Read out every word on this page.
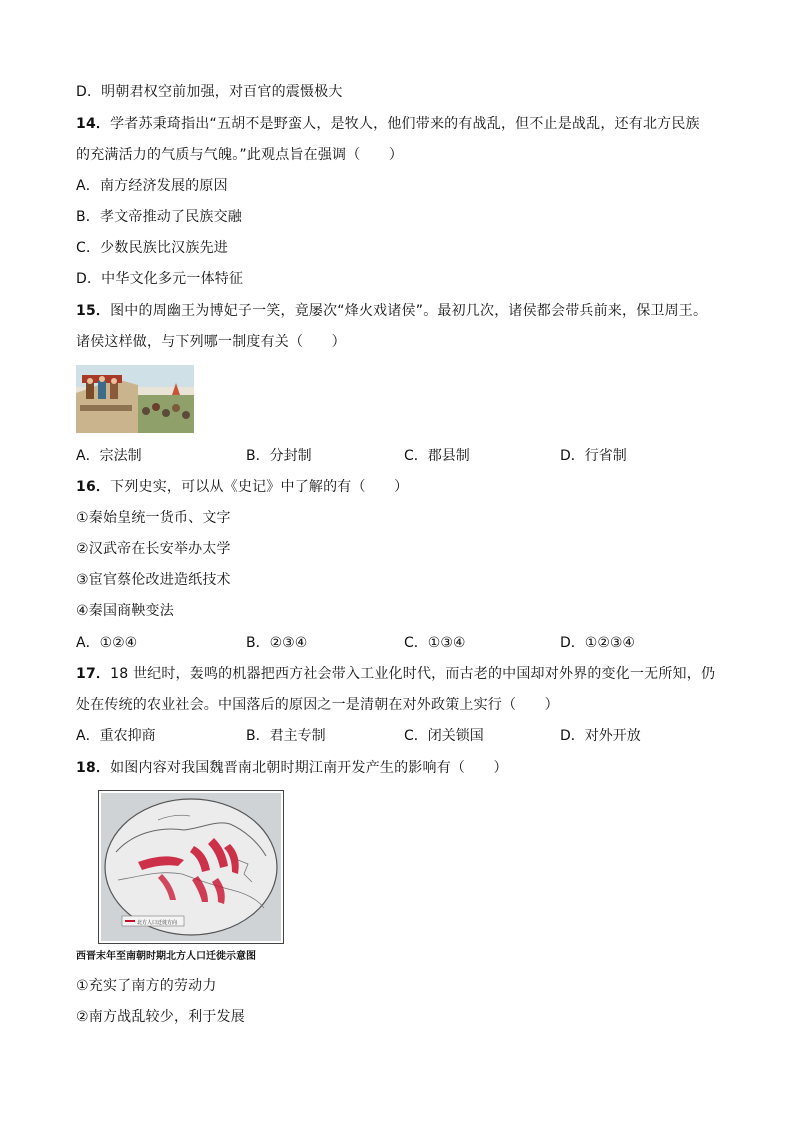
D．明朝君权空前加强，对百官的震慑极大
14．学者苏秉琦指出“五胡不是野蛮人，是牧人，他们带来的有战乱，但不止是战乱，还有北方民族
的充满活力的气质与气魄。”此观点旨在强调（　　）
A．南方经济发展的原因
B．孝文帝推动了民族交融
C．少数民族比汉族先进
D．中华文化多元一体特征
15．图中的周幽王为博妃子一笑，竟屡次“烽火戏诸侯”。最初几次，诸侯都会带兵前来，保卫周王。
诸侯这样做，与下列哪一制度有关（　　）
A．宗法制	B．分封制	C．郡县制	D．行省制
16．下列史实，可以从《史记》中了解的有（　　）
①秦始皇统一货币、文字
②汉武帝在长安举办太学
③宦官蔡伦改进造纸技术
④秦国商鞅变法
A．①②④	B．②③④	C．①③④	D．①②③④
17．18 世纪时，轰鸣的机器把西方社会带入工业化时代，而古老的中国却对外界的变化一无所知，仍
处在传统的农业社会。中国落后的原因之一是清朝在对外政策上实行（　　）
A．重农抑商	B．君主专制	C．闭关锁国	D．对外开放
18．如图内容对我国魏晋南北朝时期江南开发产生的影响有（　　）
北方人口迁徙方向
西晋末年至南朝时期北方人口迁徙示意图
①充实了南方的劳动力
②南方战乱较少，利于发展
